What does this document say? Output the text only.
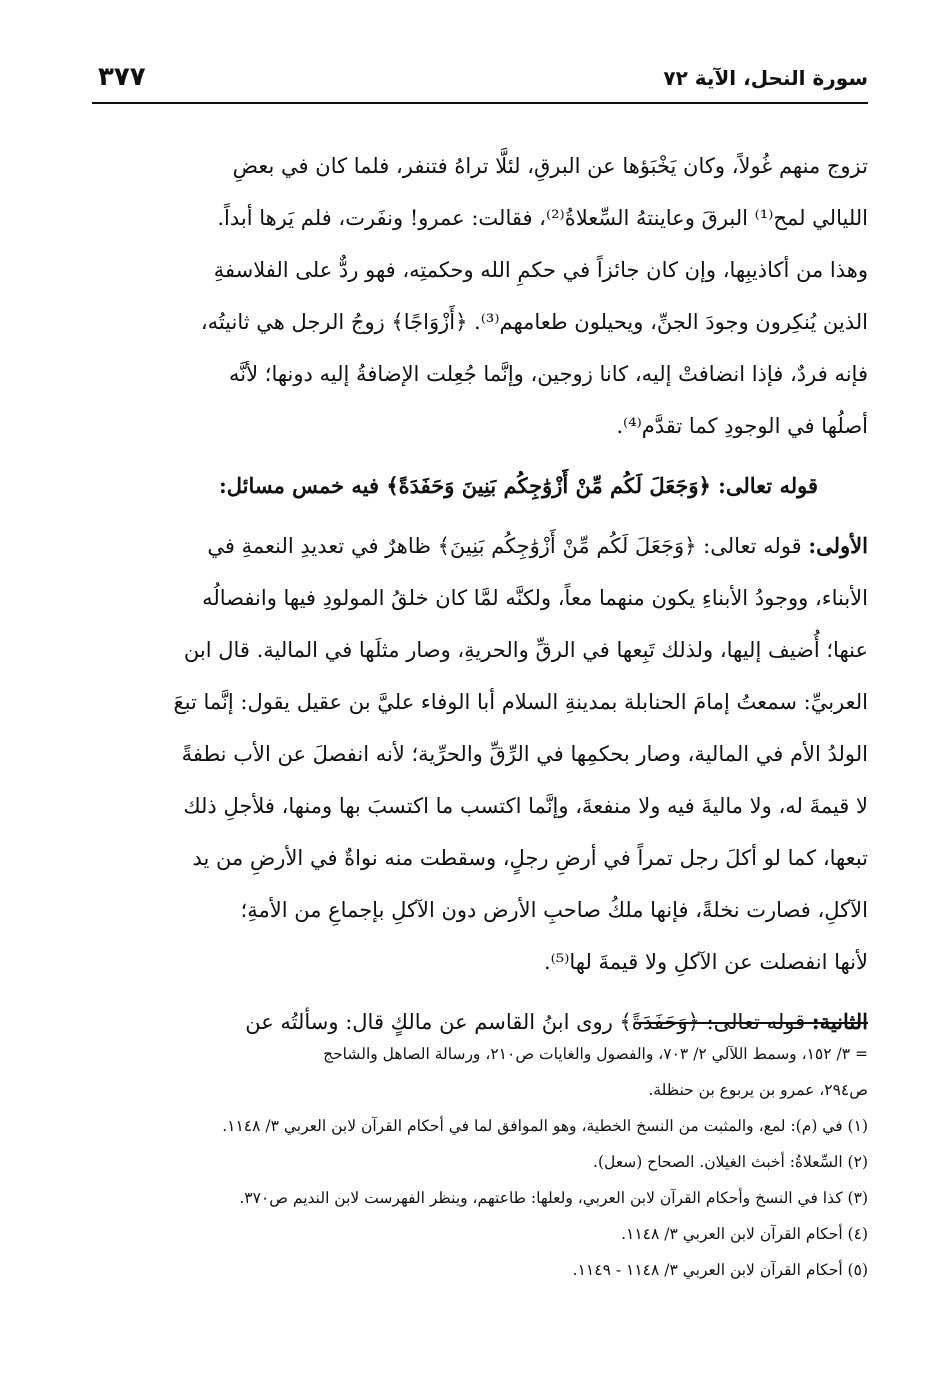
سورة النحل، الآية ٧٢
٣٧٧
تزوج منهم غُولاً، وكان يَخْبَؤها عن البرقِ، لئلَّا تراهُ فتنفر، فلما كان في بعضِ
الليالي لمح⁽¹⁾ البرقَ وعاينتهُ السِّعلاةُ⁽²⁾، فقالت: عمرو! ونفَرت، فلم يَرها أبداً.
وهذا من أكاذيبِها، وإن كان جائزاً في حكمِ الله وحكمتِه، فهو ردٌّ على الفلاسفةِ
الذين يُنكِرون وجودَ الجنِّ، ويحيلون طعامهم⁽³⁾. ﴿أَزْوَاجًا﴾ زوجُ الرجل هي ثانيتُه،
فإنه فردٌ، فإذا انضافتْ إليه، كانا زوجين، وإنَّما جُعِلت الإضافةُ إليه دونها؛ لأنَّه
أصلُها في الوجودِ كما تقدَّم⁽⁴⁾.
قوله تعالى: ﴿وَجَعَلَ لَكُم مِّنْ أَزْوَٰجِكُم بَنِينَ وَحَفَدَةً﴾ فيه خمس مسائل:
الأولى: قوله تعالى: ﴿وَجَعَلَ لَكُم مِّنْ أَزْوَٰجِكُم بَنِينَ﴾ ظاهرٌ في تعديدِ النعمةِ في
الأبناء، ووجودُ الأبناءِ يكون منهما معاً، ولكنَّه لمَّا كان خلقُ المولودِ فيها وانفصالُه
عنها؛ أُضيف إليها، ولذلك تَبِعها في الرقِّ والحريةِ، وصار مثلَها في المالية. قال ابن
العربيِّ: سمعتُ إمامَ الحنابلة بمدينةِ السلام أبا الوفاء عليَّ بن عقيل يقول: إنَّما تبعَ
الولدُ الأم في المالية، وصار بحكمِها في الرِّقِّ والحرِّية؛ لأنه انفصلَ عن الأب نطفةً
لا قيمةَ له، ولا ماليةَ فيه ولا منفعةَ، وإنَّما اكتسب ما اكتسبَ بها ومنها، فلأجلِ ذلك
تبعها، كما لو أكلَ رجل تمراً في أرضِ رجلٍ، وسقطت منه نواةٌ في الأرضِ من يد
الآكلِ، فصارت نخلةً، فإنها ملكُ صاحبِ الأرض دون الآكلِ بإجماعِ من الأمةِ؛
لأنها انفصلت عن الآكلِ ولا قيمةَ لها⁽⁵⁾.
الثانية: قوله تعالى: ﴿وَحَفَدَةً﴾ روى ابنُ القاسم عن مالكٍ قال: وسألتُه عن
= ٣/ ١٥٢، وسمط اللآلي ٢/ ٧٠٣، والفصول والغايات ص٢١٠، ورسالة الصاهل والشاحج
ص٢٩٤، عمرو بن يربوع بن حنظلة.
(١) في (م): لمع، والمثبت من النسخ الخطية، وهو الموافق لما في أحكام القرآن لابن العربي ٣/ ١١٤٨.
(٢) السِّعلاةُ: أخبث الغيلان. الصحاح (سعل).
(٣) كذا في النسخ وأحكام القرآن لابن العربي، ولعلها: طاعتهم، وينظر الفهرست لابن النديم ص٣٧٠.
(٤) أحكام القرآن لابن العربي ٣/ ١١٤٨.
(٥) أحكام القرآن لابن العربي ٣/ ١١٤٨ - ١١٤٩.
